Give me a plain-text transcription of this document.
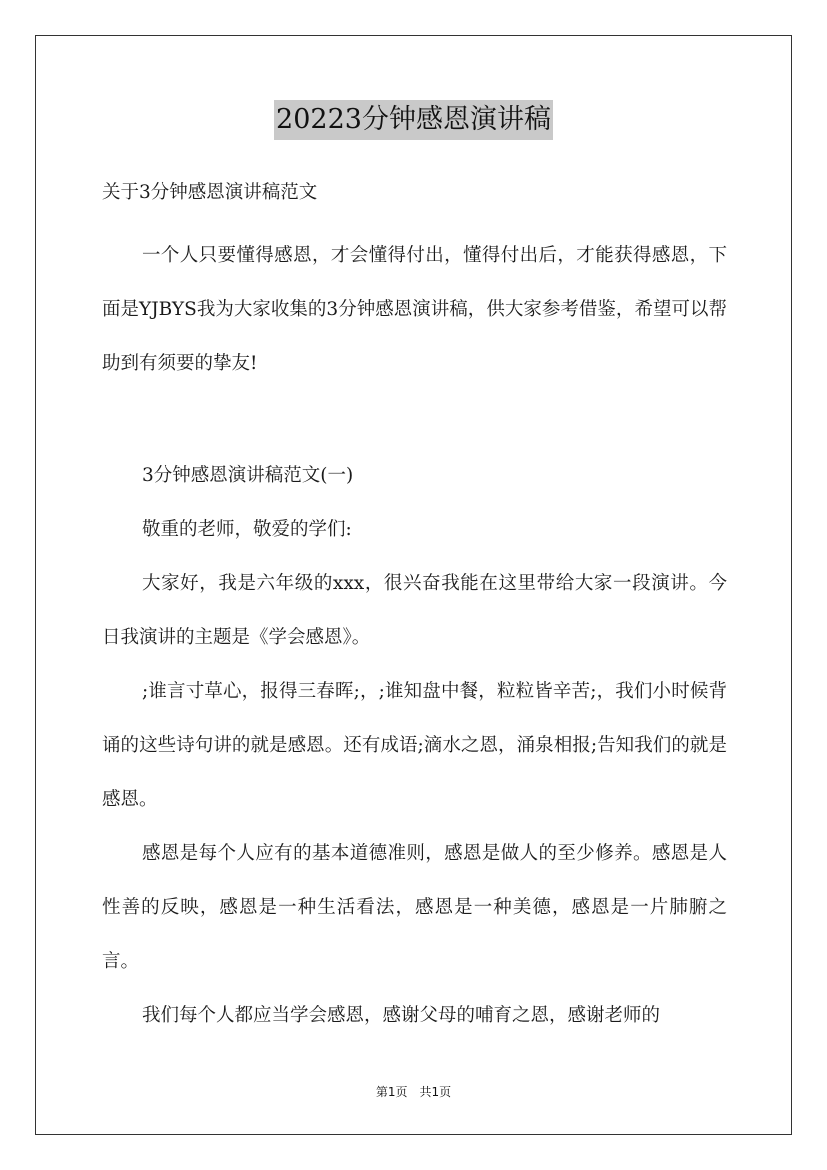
20223分钟感恩演讲稿
关于3分钟感恩演讲稿范文

一个人只要懂得感恩，才会懂得付出，懂得付出后，才能获得感恩，下面是YJBYS我为大家收集的3分钟感恩演讲稿，供大家参考借鉴，希望可以帮助到有须要的挚友!

3分钟感恩演讲稿范文(一)
敬重的老师，敬爱的学们:

大家好，我是六年级的xxx，很兴奋我能在这里带给大家一段演讲。今日我演讲的主题是《学会感恩》。

;谁言寸草心，报得三春晖;，;谁知盘中餐，粒粒皆辛苦;，我们小时候背诵的这些诗句讲的就是感恩。还有成语;滴水之恩，涌泉相报;告知我们的就是感恩。

感恩是每个人应有的基本道德准则，感恩是做人的至少修养。感恩是人性善的反映，感恩是一种生活看法，感恩是一种美德，感恩是一片肺腑之言。

我们每个人都应当学会感恩，感谢父母的哺育之恩，感谢老师的

第1页 共1页
